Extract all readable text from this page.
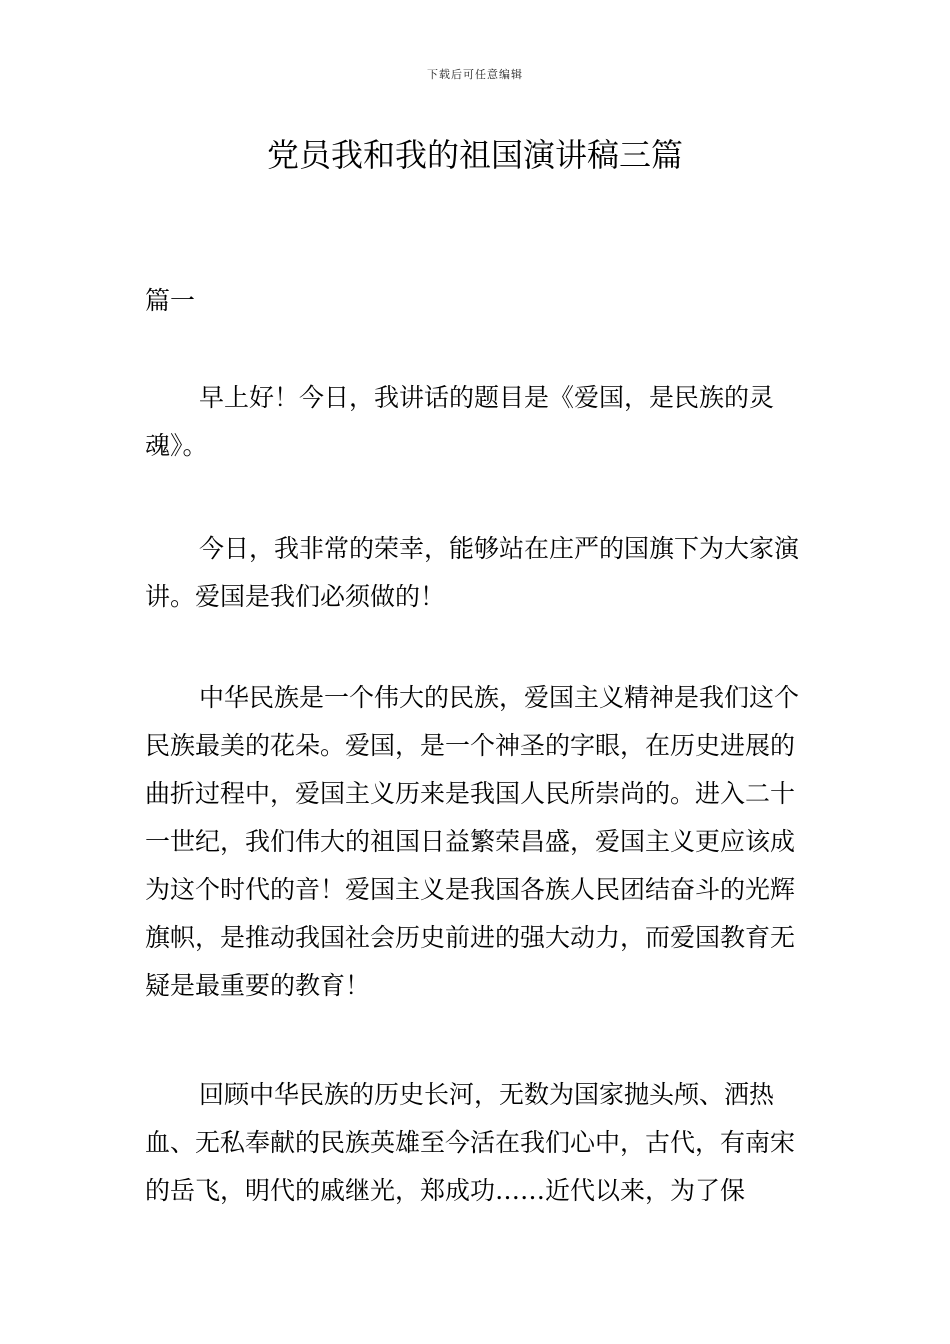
下载后可任意编辑
党员我和我的祖国演讲稿三篇

篇一

早上好！今日，我讲话的题目是《爱国，是民族的灵魂》。

今日，我非常的荣幸，能够站在庄严的国旗下为大家演讲。爱国是我们必须做的！

中华民族是一个伟大的民族，爱国主义精神是我们这个民族最美的花朵。爱国，是一个神圣的字眼，在历史进展的曲折过程中，爱国主义历来是我国人民所崇尚的。进入二十一世纪，我们伟大的祖国日益繁荣昌盛，爱国主义更应该成为这个时代的音！爱国主义是我国各族人民团结奋斗的光辉旗帜，是推动我国社会历史前进的强大动力，而爱国教育无疑是最重要的教育！

回顾中华民族的历史长河，无数为国家抛头颅、洒热血、无私奉献的民族英雄至今活在我们心中，古代，有南宋的岳飞，明代的戚继光，郑成功……近代以来，为了保
